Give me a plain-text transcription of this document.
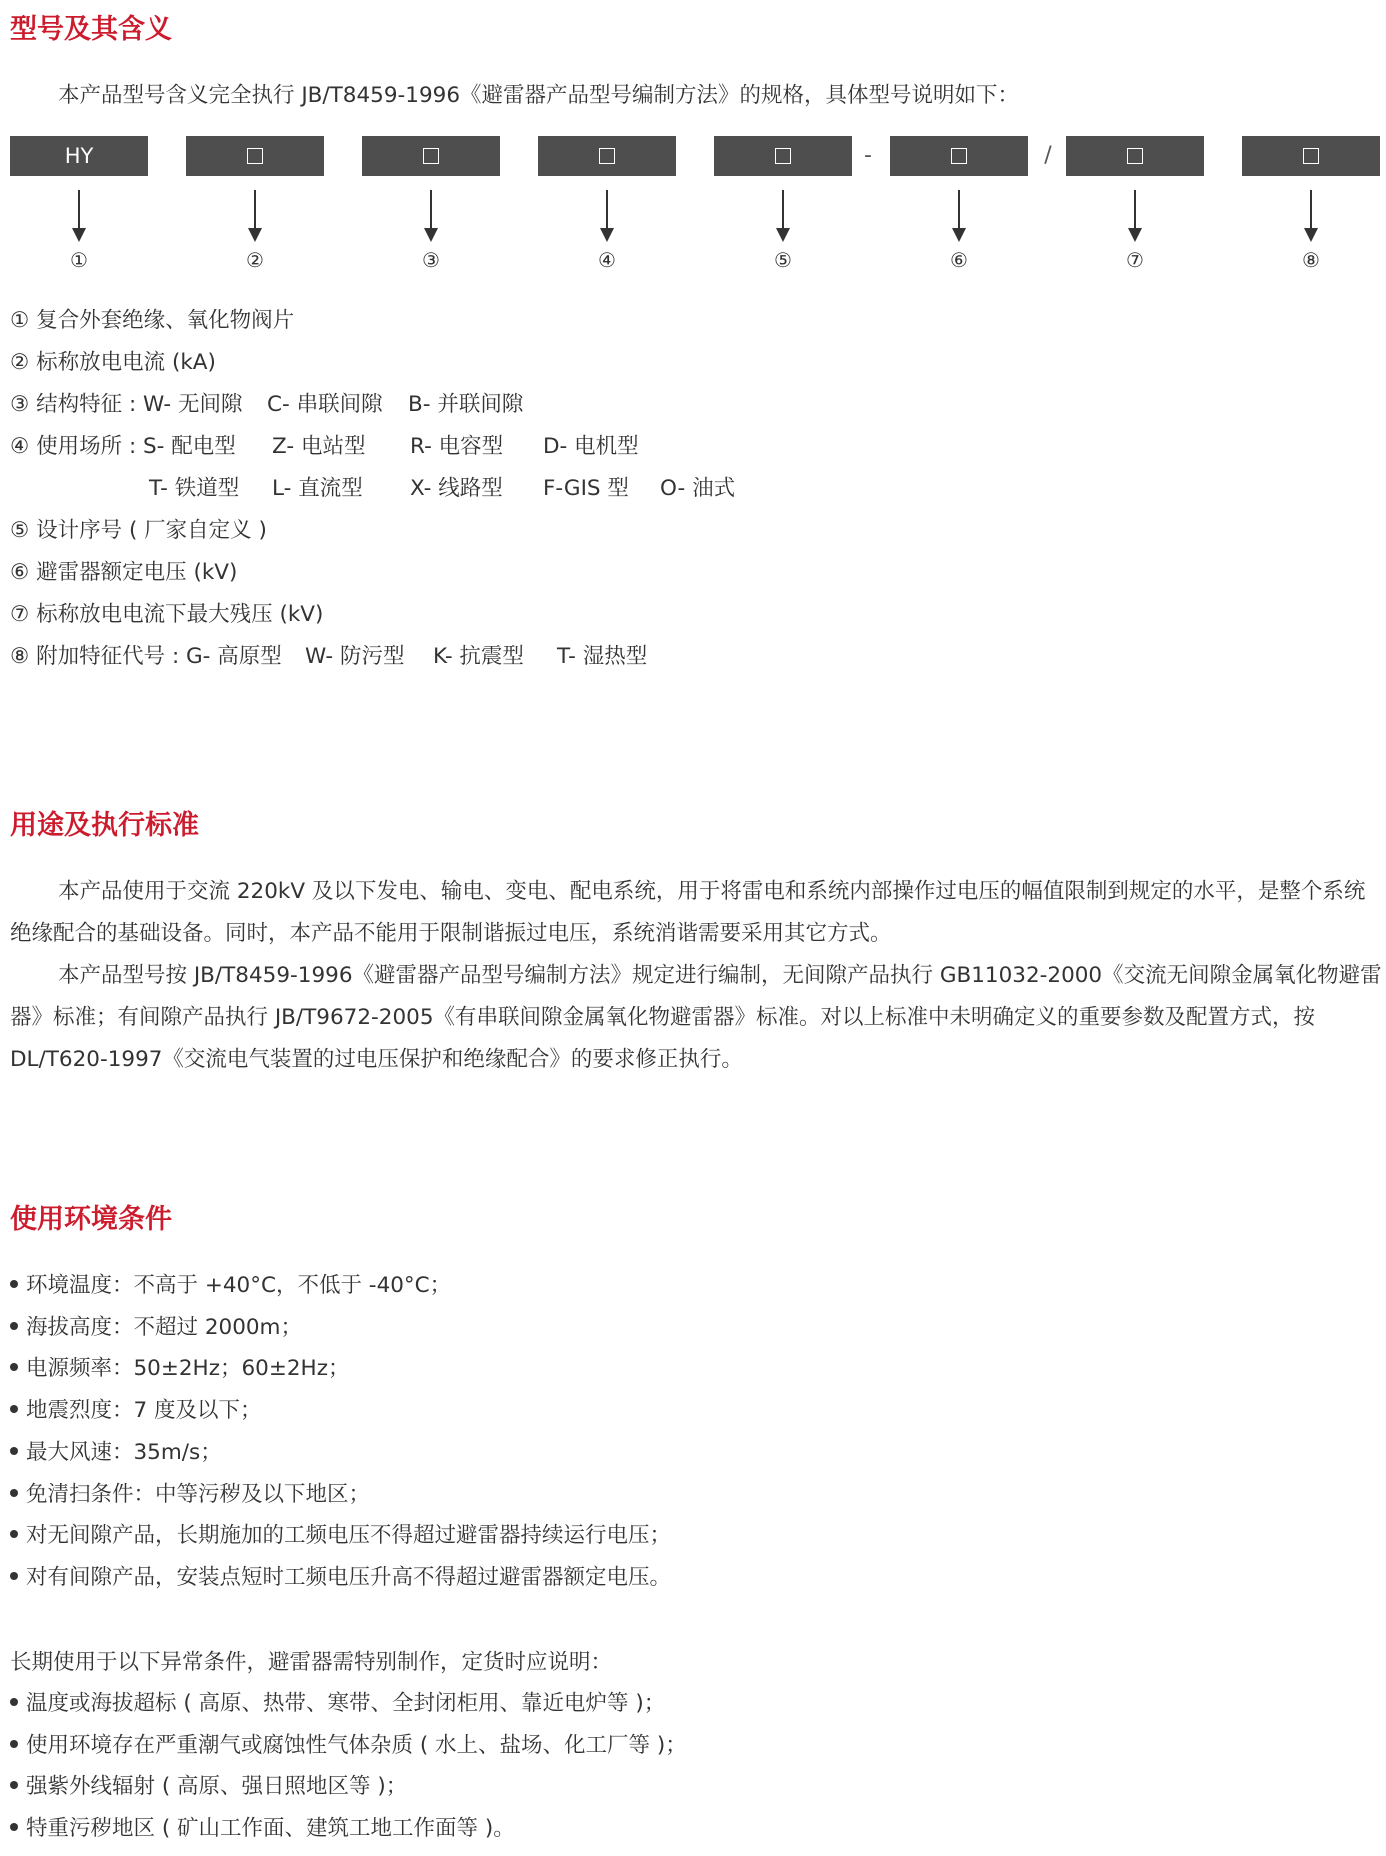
型号及其含义

本产品型号含义完全执行 JB/T8459-1996《避雷器产品型号编制方法》的规格，具体型号说明如下：

HY	-	/
①	②	③	④	⑤	⑥	⑦	⑧
① 复合外套绝缘、氧化物阀片
② 标称放电电流 (kA)
③ 结构特征 : W- 无间隙 C- 串联间隙 B- 并联间隙
④ 使用场所 : S- 配电型 Z- 电站型 R- 电容型 D- 电机型
T- 铁道型 L- 直流型 X- 线路型 F-GIS 型 O- 油式
⑤ 设计序号 ( 厂家自定义 )
⑥ 避雷器额定电压 (kV)
⑦ 标称放电电流下最大残压 (kV)
⑧ 附加特征代号 : G- 高原型 W- 防污型 K- 抗震型 T- 湿热型
用途及执行标准

本产品使用于交流 220kV 及以下发电、输电、变电、配电系统，用于将雷电和系统内部操作过电压的幅值限制到规定的水平，是整个系统绝缘配合的基础设备。同时，本产品不能用于限制谐振过电压，系统消谐需要采用其它方式。

本产品型号按 JB/T8459-1996《避雷器产品型号编制方法》规定进行编制，无间隙产品执行 GB11032-2000《交流无间隙金属氧化物避雷器》标准；有间隙产品执行 JB/T9672-2005《有串联间隙金属氧化物避雷器》标准。对以上标准中未明确定义的重要参数及配置方式，按 DL/T620-1997《交流电气装置的过电压保护和绝缘配合》的要求修正执行。

使用环境条件
环境温度：不高于 +40°C，不低于 -40°C；
海拔高度：不超过 2000m；
电源频率：50±2Hz；60±2Hz；
地震烈度：7 度及以下；
最大风速：35m/s；
免清扫条件：中等污秽及以下地区；
对无间隙产品，长期施加的工频电压不得超过避雷器持续运行电压；
对有间隙产品，安装点短时工频电压升高不得超过避雷器额定电压。
长期使用于以下异常条件，避雷器需特别制作，定货时应说明：
温度或海拔超标 ( 高原、热带、寒带、全封闭柜用、靠近电炉等 )；
使用环境存在严重潮气或腐蚀性气体杂质 ( 水上、盐场、化工厂等 )；
强紫外线辐射 ( 高原、强日照地区等 )；
特重污秽地区 ( 矿山工作面、建筑工地工作面等 )。
